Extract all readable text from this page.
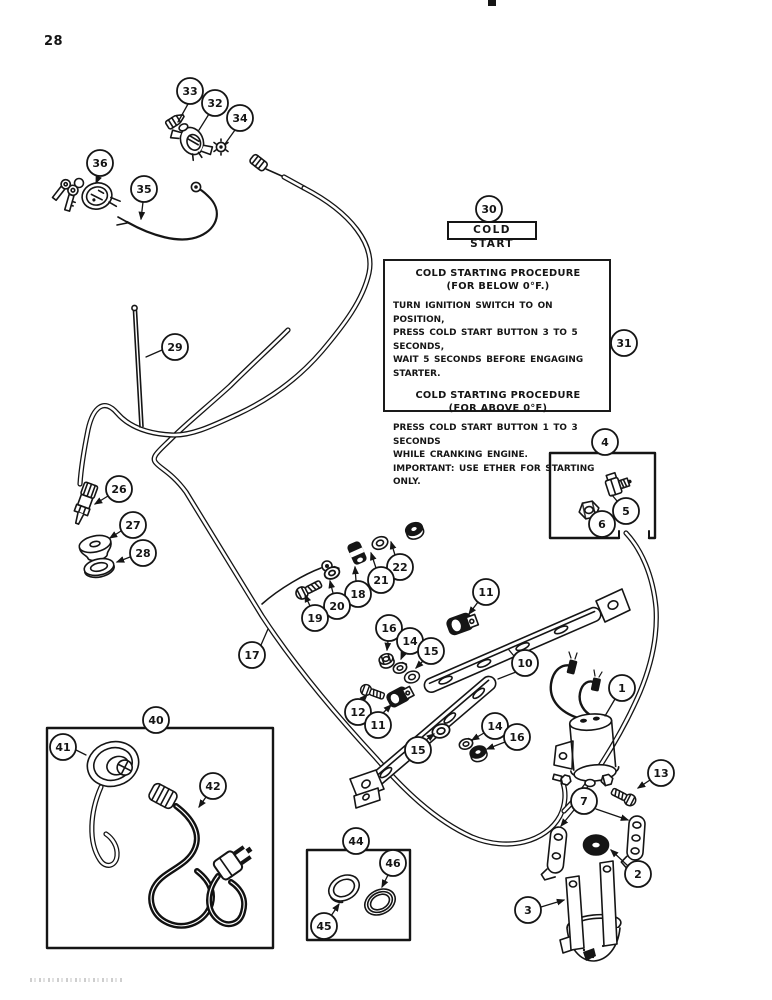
33
32
34
36
35
30
31
29
26
27
28
4
5
6
22
21
18
20
19
17
11
16
14
15
10
12
11
15
14
16
1
13
7
2
3
40
41
42
44
46
45
28
COLD START
COLD STARTING PROCEDURE
(FOR BELOW 0°F.)
TURN IGNITION SWITCH TO ON POSITION,
PRESS COLD START BUTTON 3 TO 5 SECONDS,
WAIT 5 SECONDS BEFORE ENGAGING STARTER.
COLD STARTING PROCEDURE
(FOR ABOVE 0°F)
PRESS COLD START BUTTON 1 TO 3 SECONDS
WHILE CRANKING ENGINE.
IMPORTANT: USE ETHER FOR STARTING ONLY.
